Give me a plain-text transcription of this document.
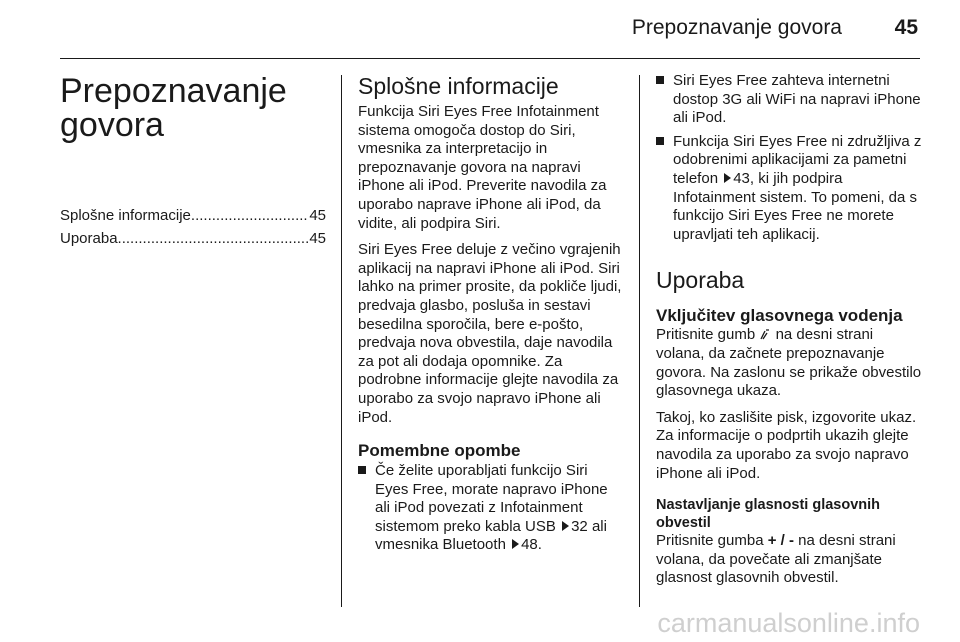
Prepoznavanje govora	45
Prepoznavanje
govora
Splošne informacije .....	45
Uporaba .....	45
Splošne informacije

Funkcija Siri Eyes Free Infotainment sistema omogoča dostop do Siri, vmesnika za interpretacijo in prepoznavanje govora na napravi iPhone ali iPod. Preverite navodila za uporabo naprave iPhone ali iPod, da vidite, ali podpira Siri.

Siri Eyes Free deluje z večino vgrajenih aplikacij na napravi iPhone ali iPod. Siri lahko na primer prosite, da pokliče ljudi, predvaja glasbo, posluša in sestavi besedilna sporočila, bere e-pošto, predvaja nova obvestila, daje navodila za pot ali dodaja opomnike. Za podrobne informacije glejte navodila za uporabo za svojo napravo iPhone ali iPod.

Pomembne opombe
Če želite uporabljati funkcijo Siri Eyes Free, morate napravo iPhone ali iPod povezati z Infotainment sistemom preko kabla USB 32 ali vmesnika Bluetooth 48.
Siri Eyes Free zahteva internetni dostop 3G ali WiFi na napravi iPhone ali iPod.
Funkcija Siri Eyes Free ni združljiva z odobrenimi aplikacijami za pametni telefon 43, ki jih podpira Infotainment sistem. To pomeni, da s funkcijo Siri Eyes Free ne morete upravljati teh aplikacij.
Uporaba
Vključitev glasovnega vodenja

Pritisnite gumb na desni strani volana, da začnete prepoznavanje govora. Na zaslonu se prikaže obvestilo glasovnega ukaza.

Takoj, ko zaslišite pisk, izgovorite ukaz. Za informacije o podprtih ukazih glejte navodila za uporabo za svojo napravo iPhone ali iPod.

Nastavljanje glasnosti glasovnih obvestil

Pritisnite gumba + / - na desni strani volana, da povečate ali zmanjšate glasnost glasovnih obvestil.

carmanualsonline.info
